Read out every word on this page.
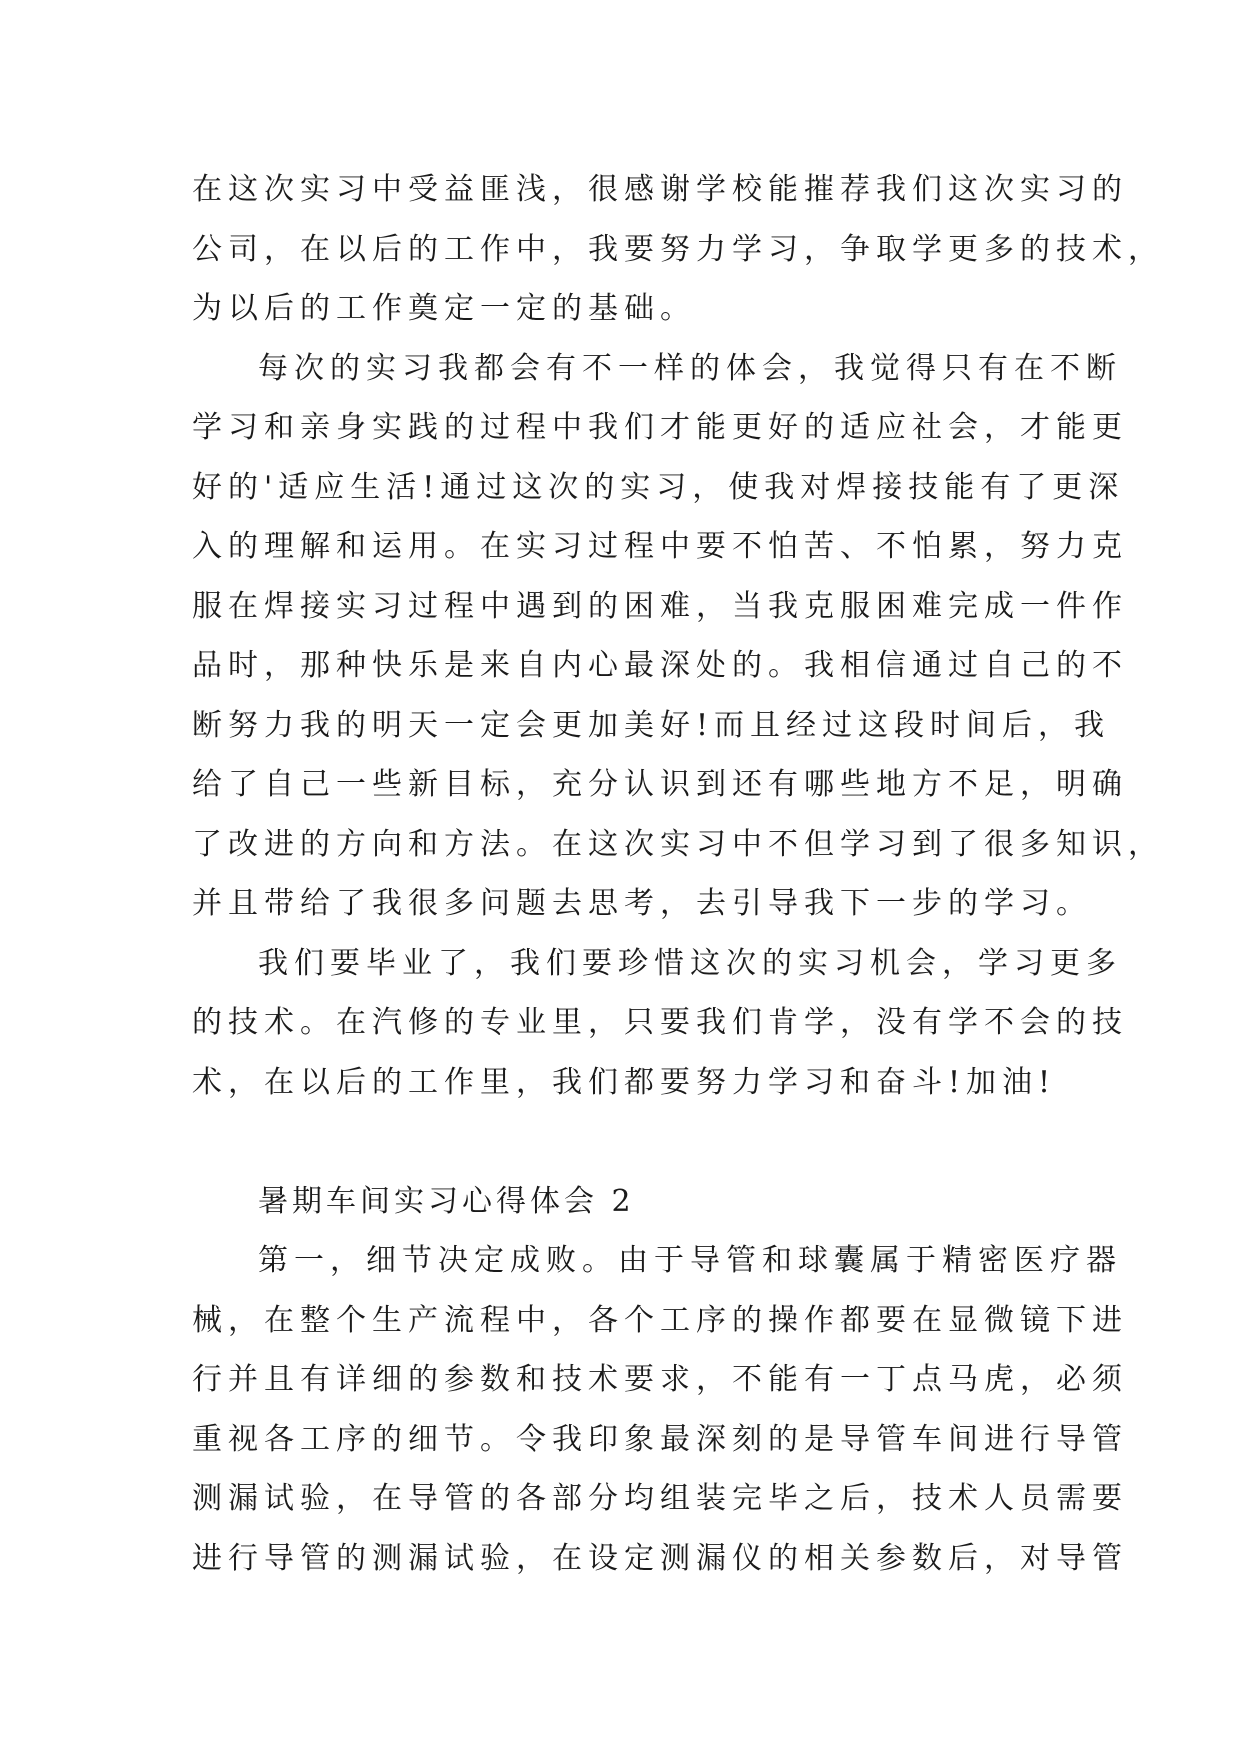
在这次实习中受益匪浅，很感谢学校能摧荐我们这次实习的
公司，在以后的工作中，我要努力学习，争取学更多的技术，
为以后的工作奠定一定的基础。
每次的实习我都会有不一样的体会，我觉得只有在不断
学习和亲身实践的过程中我们才能更好的适应社会，才能更
好的'适应生活!通过这次的实习，使我对焊接技能有了更深
入的理解和运用。在实习过程中要不怕苦、不怕累，努力克
服在焊接实习过程中遇到的困难，当我克服困难完成一件作
品时，那种快乐是来自内心最深处的。我相信通过自己的不
断努力我的明天一定会更加美好!而且经过这段时间后，我
给了自己一些新目标，充分认识到还有哪些地方不足，明确
了改进的方向和方法。在这次实习中不但学习到了很多知识，
并且带给了我很多问题去思考，去引导我下一步的学习。
我们要毕业了，我们要珍惜这次的实习机会，学习更多
的技术。在汽修的专业里，只要我们肯学，没有学不会的技
术，在以后的工作里，我们都要努力学习和奋斗!加油!
暑期车间实习心得体会 2
第一，细节决定成败。由于导管和球囊属于精密医疗器
械，在整个生产流程中，各个工序的操作都要在显微镜下进
行并且有详细的参数和技术要求，不能有一丁点马虎，必须
重视各工序的细节。令我印象最深刻的是导管车间进行导管
测漏试验，在导管的各部分均组装完毕之后，技术人员需要
进行导管的测漏试验，在设定测漏仪的相关参数后，对导管
